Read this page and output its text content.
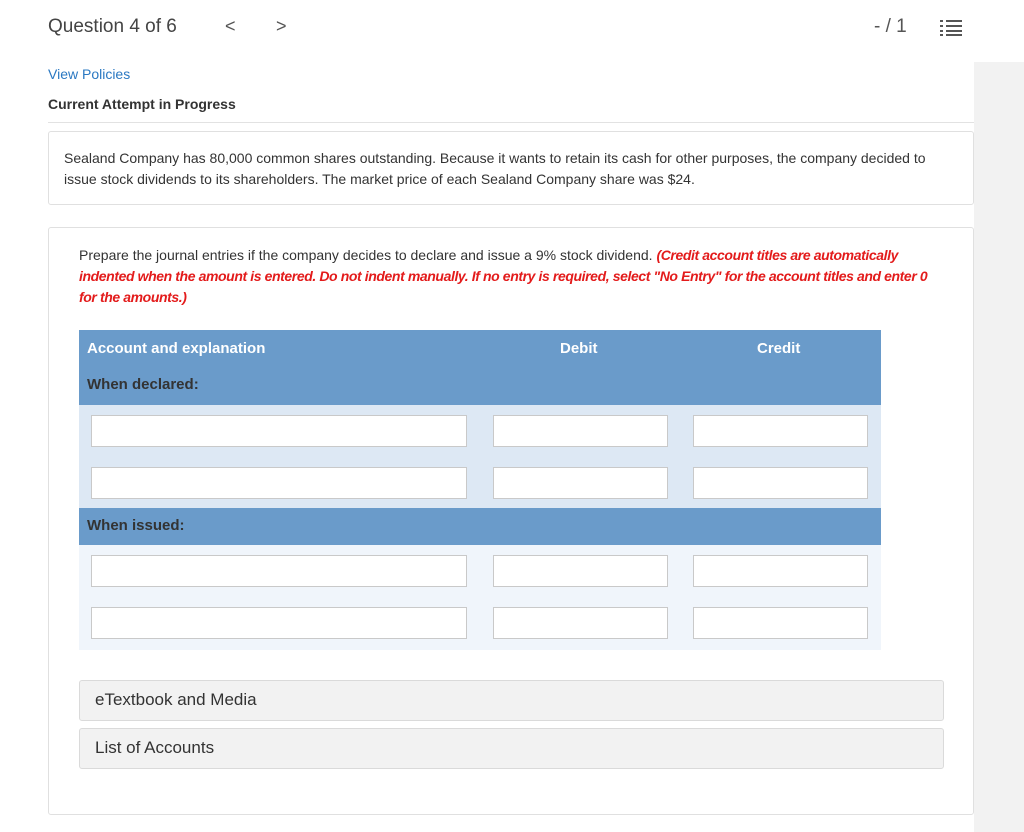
Question 4 of 6	< >	- / 1
View Policies
Current Attempt in Progress
Sealand Company has 80,000 common shares outstanding. Because it wants to retain its cash for other purposes, the company decided to issue stock dividends to its shareholders. The market price of each Sealand Company share was $24.
Prepare the journal entries if the company decides to declare and issue a 9% stock dividend. (Credit account titles are automatically indented when the amount is entered. Do not indent manually. If no entry is required, select "No Entry" for the account titles and enter 0 for the amounts.)
Account and explanation	Debit	Credit
When declared:
When issued:
eTextbook and Media
List of Accounts
